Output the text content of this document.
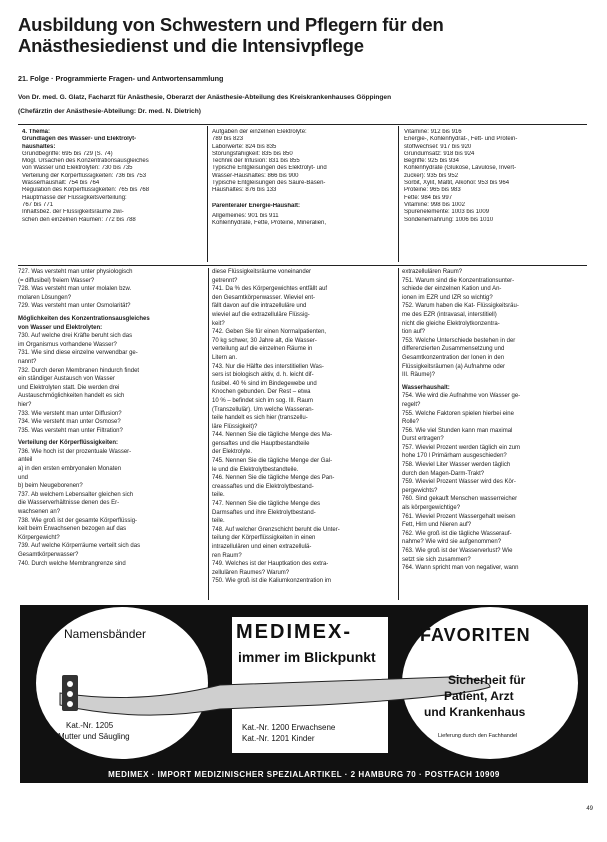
Ausbildung von Schwestern und Pflegern für den
Anästhesiedienst und die Intensivpflege
21. Folge · Programmierte Fragen- und Antwortensammlung
Von Dr. med. G. Glatz, Facharzt für Anästhesie, Oberarzt der Anästhesie-Abteilung des Kreiskrankenhauses Göppingen
(Chefärztin der Anästhesie-Abteilung: Dr. med. N. Dietrich)
4. Thema:
Grundlagen des Wasser- und Elektrolyt-
haushaltes:
Grundbegriffe: 695 bis 729 (S. 74)
Mögl. Ursachen des Konzentrationsausgleiches
von Wasser und Elektrolyten: 730 bis 735
Verteilung der Körperflüssigkeiten: 736 bis 753
Wasserhaushalt: 754 bis 764
Regulation des Körperflüssigkeiten: 765 bis 768
Hauptmasse der Flüssigkeitsverteilung:
767 bis 771
Inhaltsbez. der Flüssigkeitsräume zwi-
schen den einzelnen Räumen: 772 bis 788
Aufgaben der einzelnen Elektrolyte:
789 bis 823
Laborwerte: 824 bis 835
Störungsfähigkeit: 835 bis 850
Technik der Infusion: 831 bis 855
Typische Entgleisungen des Elektrolyt- und
Wasser-Haushaltes: 866 bis 900
Typische Entgleisungen des Säure-Basen-
Haushaltes: 876 bis 133
Parenteraler Energie-Haushalt:
Allgemeines: 901 bis 911
Kohlenhydrate, Fette, Proteine, Mineralien,
Vitamine: 912 bis 916
Energie-, Kohlenhydrat-, Fett- und Protein-
stoffwechsel: 917 bis 920
Grundumsatz: 918 bis 924
Begriffe: 925 bis 934
Kohlenhydrate (Glukose, Lävulose, Invert-
zucker): 935 bis 952
Sorbit, Xylit, Maltit, Alkohol: 953 bis 964
Proteine: 965 bis 983
Fette: 984 bis 997
Vitamine: 998 bis 1002
Spurenelemente: 1003 bis 1009
Sondenernährung: 1006 bis 1010
727. Was versteht man unter physiologisch
(= diffusibel) freiem Wasser?
728. Was versteht man unter molalen bzw.
molaren Lösungen?
729. Was versteht man unter Osmolarität?
Möglichkeiten des Konzentrationsausgleiches
von Wasser und Elektrolyten:
730. Auf welche drei Kräfte beruht sich das
im Organismus vorhandene Wasser?
731. Wie sind diese einzelne verwendbar ge-
nannt?
732. Durch deren Membranen hindurch findet
ein ständiger Austausch von Wasser
und Elektrolyten statt. Die werden drei
Austauschmöglichkeiten handelt es sich
hier?
733. Wie versteht man unter Diffusion?
734. Wie versteht man unter Osmose?
735. Was versteht man unter Filtration?
Verteilung der Körperflüssigkeiten:
736. Wie hoch ist der prozentuale Wasser-
anteil
a) in den ersten embryonalen Monaten
und
b) beim Neugeborenen?
737. Ab welchem Lebensalter gleichen sich
die Wasserverhältnisse denen des Er-
wachsenen an?
738. Wie groß ist der gesamte Körperflüssig-
keit beim Erwachsenen bezogen auf das
Körpergewicht?
739. Auf welche Körperräume verteilt sich das
Gesamtkörperwasser?
740. Durch welche Membrangrenze sind
diese Flüssigkeitsräume voneinander
getrennt?
741. Da % des Körpergewichtes entfällt auf
den Gesamtkörperwasser. Wieviel ent-
fällt davon auf die intrazelluläre und
wieviel auf die extrazelluläre Flüssig-
keit?
742. Geben Sie für einen Normalpatienten,
70 kg schwer, 30 Jahre alt, die Wasser-
verteilung auf die einzelnen Räume in
Litern an.
743. Nur die Hälfte des interstitiellen Was-
sers ist biologisch aktiv, d. h. leicht dif-
fusibel. 40 % sind im Bindegewebe und
Knochen gebunden. Der Rest – etwa
10 % – befindet sich im sog. III. Raum
(Transzellulär). Um welche Wasseran-
teile handelt es sich hier (transzellu-
läre Flüssigkeit)?
744. Nennen Sie die tägliche Menge des Ma-
gensaftes und die Hauptbestandteile
der Elektrolyte.
745. Nennen Sie die tägliche Menge der Gal-
le und die Elektrolytbestandteile.
746. Nennen Sie die tägliche Menge des Pan-
creassaftes und die Elektrolytbestand-
teile.
747. Nennen Sie die tägliche Menge des
Darmsaftes und ihre Elektrolytbestand-
teile.
748. Auf welcher Grenzschicht beruht die Unter-
teilung der Körperflüssigkeiten in einen
intrazellulären und einen extrazellulä-
ren Raum?
749. Welches ist der Hauptkation des extra-
zellulären Raumes? Warum?
750. Wie groß ist die Kaliumkonzentration im
extrazellulären Raum?
751. Warum sind die Konzentrationsunter-
schiede der einzelnen Kation und An-
ionen im EZR und IZR so wichtig?
752. Warum haben die Kat- Flüssigkeitsräu-
me des EZR (intravasal, interstitiell)
nicht die gleiche Elektrolytkonzentra-
tion auf?
753. Welche Unterschiede bestehen in der
differenzierten Zusammensetzung und
Gesamtkonzentration der Ionen in den
Flüssigkeitsräumen (a) Aufnahme oder
III. Räume)?
Wasserhaushalt:
754. Wie wird die Aufnahme von Wasser ge-
regelt?
755. Welche Faktoren spielen hierbei eine
Rolle?
756. Wie viel Stunden kann man maximal
Durst ertragen?
757. Wieviel Prozent werden täglich ein zum
hohe 170 l Primärharn ausgeschieden?
758. Wieviel Liter Wasser werden täglich
durch den Magen-Darm-Trakt?
759. Wieviel Prozent Wasser wird des Kör-
pergewichts?
760. Sind gekauft Menschen wasserreicher
als körpergewichtige?
761. Wieviel Prozent Wassergehalt weisen
Fett, Hirn und Nieren auf?
762. Wie groß ist die tägliche Wasserauf-
nahme? Wie wird sie aufgenommen?
763. Wie groß ist der Wasserverlust? Wie
setzt sie sich zusammen?
764. Wann spricht man von negativer, wann
Namensbänder	MEDIMEX-
immer im Blickpunkt
FAVORITEN
Sicherheit für
Patient, Arzt
und Krankenhaus
Kat.-Nr. 1205
Mutter und Säugling
Kat.-Nr. 1200 Erwachsene
Kat.-Nr. 1201 Kinder	Lieferung durch den Fachhandel
MEDIMEX · IMPORT MEDIZINISCHER SPEZIALARTIKEL · 2 HAMBURG 70 · POSTFACH 10909
49
